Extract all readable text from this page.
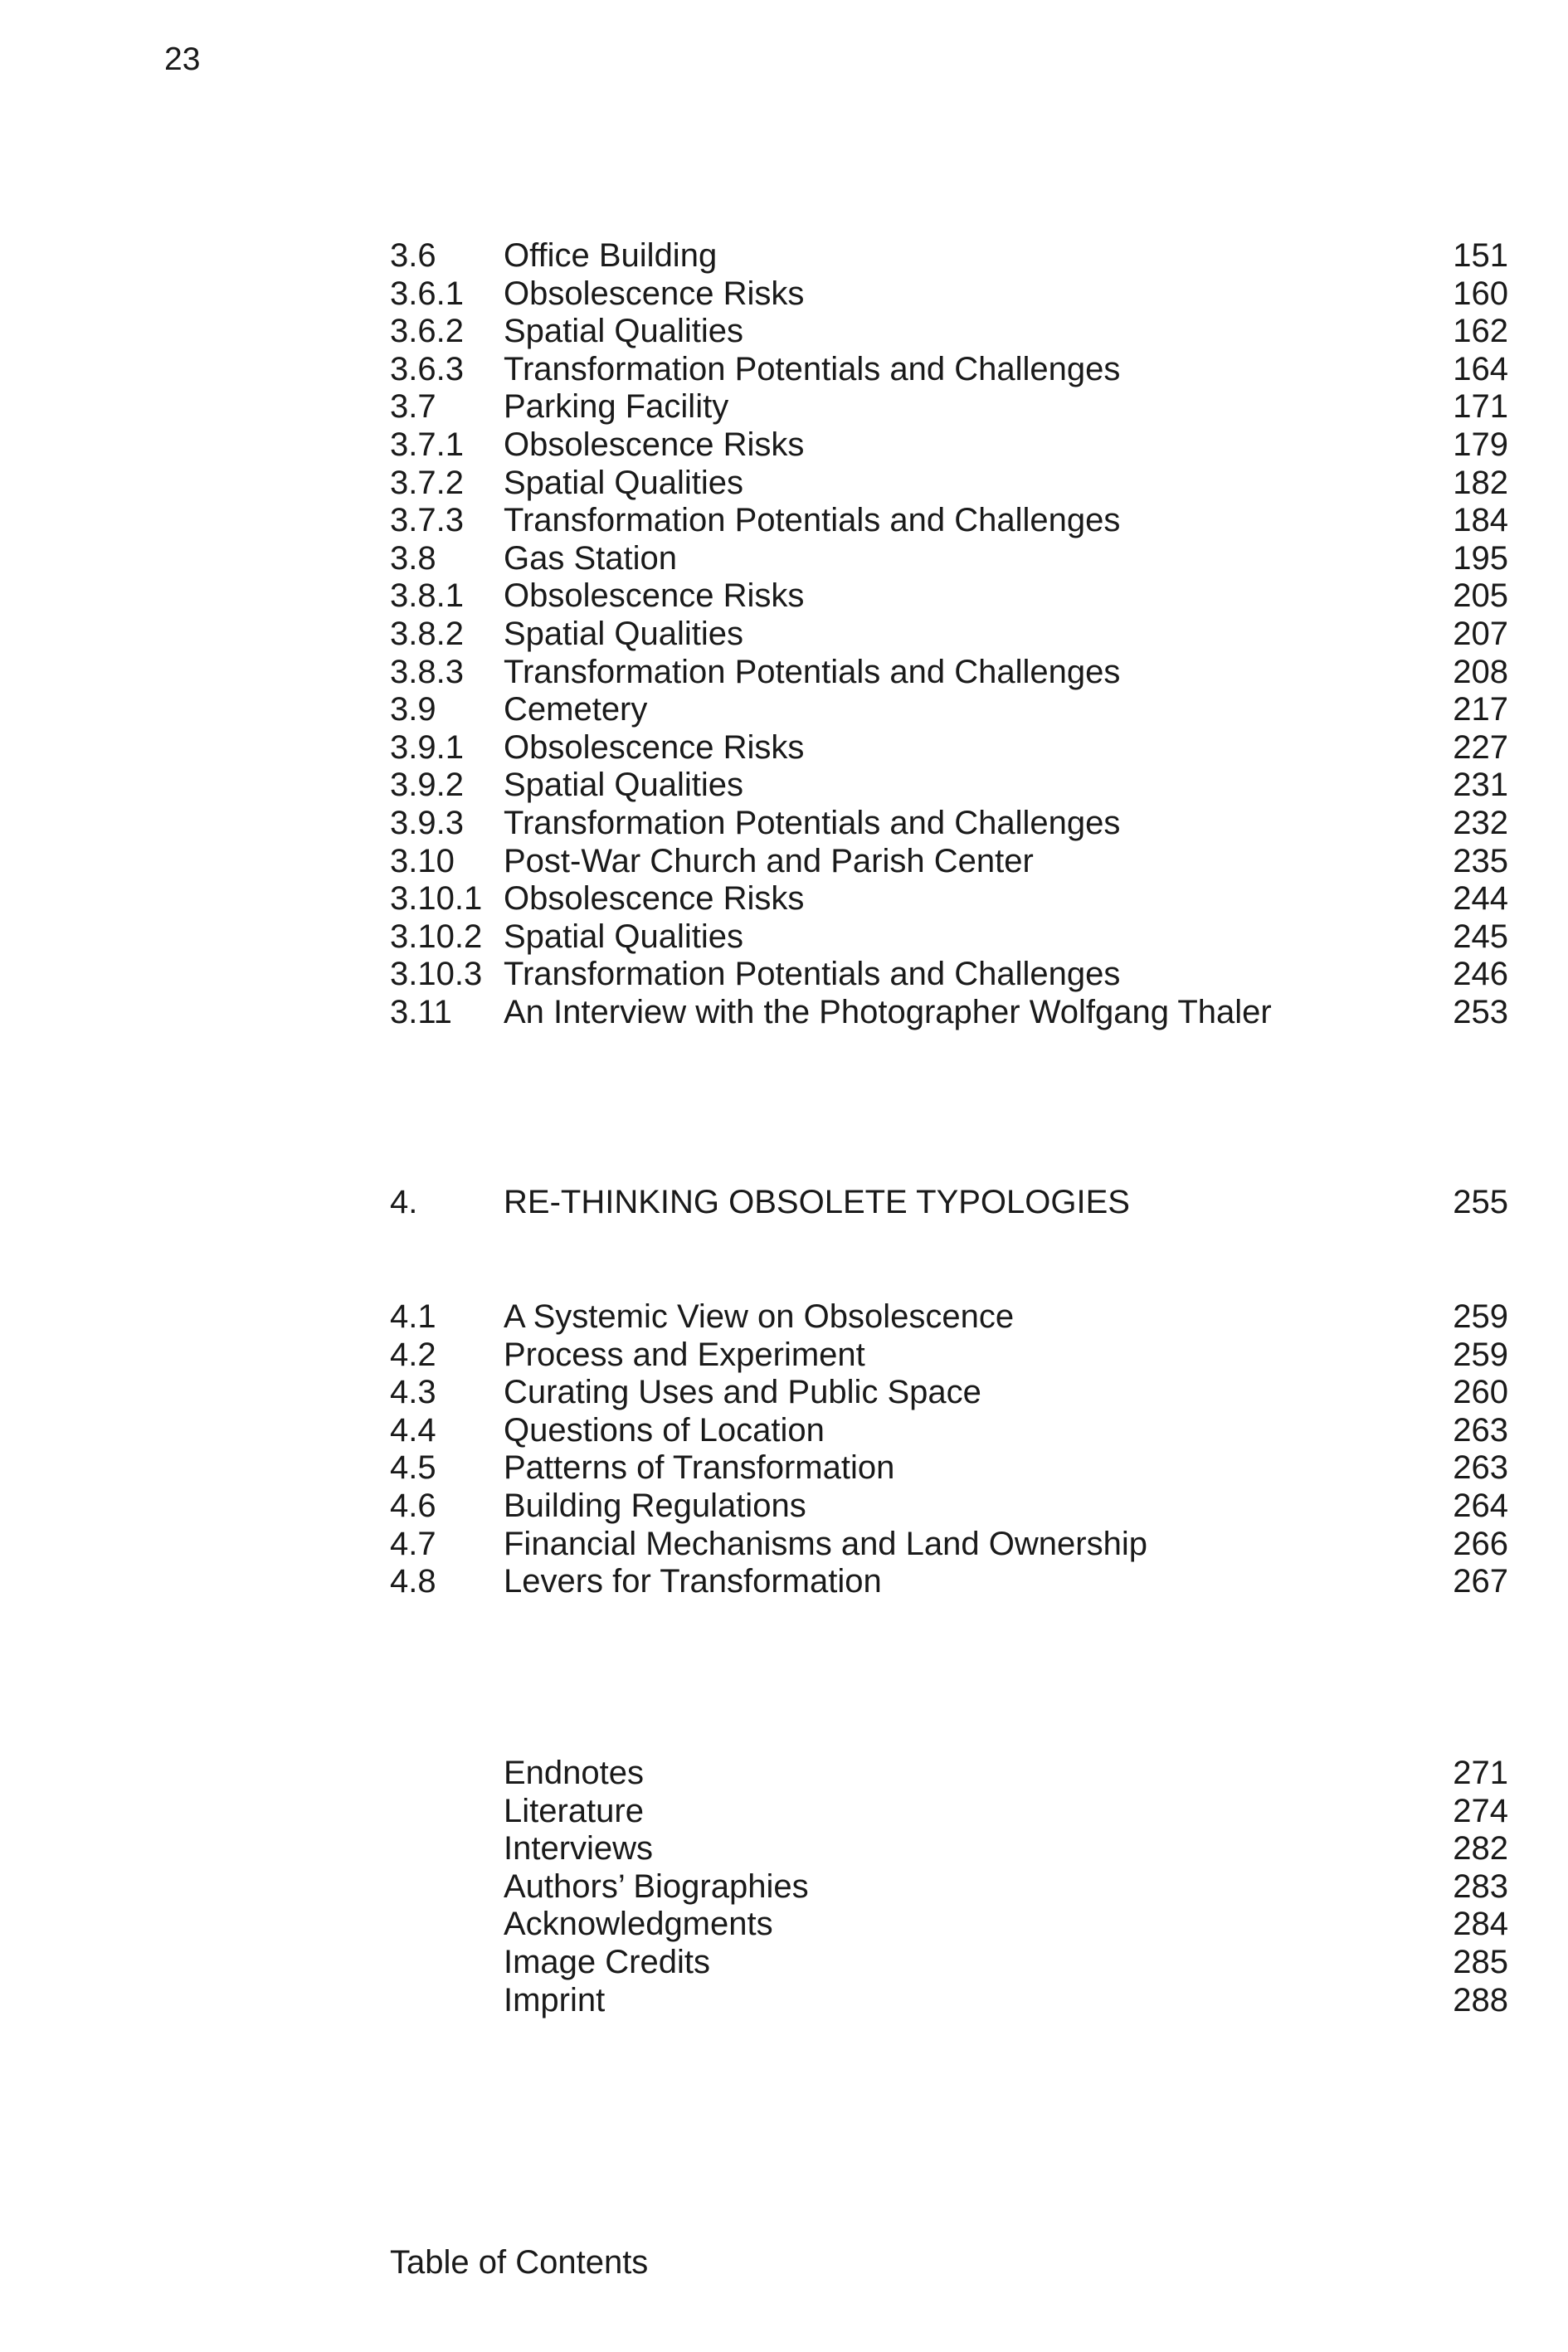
23
3.6	Office Building	151
3.6.1	Obsolescence Risks	160
3.6.2	Spatial Qualities	162
3.6.3	Transformation Potentials and Challenges	164
3.7	Parking Facility	171
3.7.1	Obsolescence Risks	179
3.7.2	Spatial Qualities	182
3.7.3	Transformation Potentials and Challenges	184
3.8	Gas Station	195
3.8.1	Obsolescence Risks	205
3.8.2	Spatial Qualities	207
3.8.3	Transformation Potentials and Challenges	208
3.9	Cemetery	217
3.9.1	Obsolescence Risks	227
3.9.2	Spatial Qualities	231
3.9.3	Transformation Potentials and Challenges	232
3.10	Post-War Church and Parish Center	235
3.10.1 Obsolescence Risks	244
3.10.2 Spatial Qualities	245
3.10.3 Transformation Potentials and Challenges	246
3.11	An Interview with the Photographer Wolfgang Thaler	253
4.	RE-THINKING OBSOLETE TYPOLOGIES	255
4.1	A Systemic View on Obsolescence	259
4.2	Process and Experiment	259
4.3	Curating Uses and Public Space	260
4.4	Questions of Location	263
4.5	Patterns of Transformation	263
4.6	Building Regulations	264
4.7	Financial Mechanisms and Land Ownership	266
4.8	Levers for Transformation	267
Endnotes	271
Literature	274
Interviews	282
Authors’ Biographies	283
Acknowledgments	284
Image Credits	285
Imprint	288
Table of Contents
